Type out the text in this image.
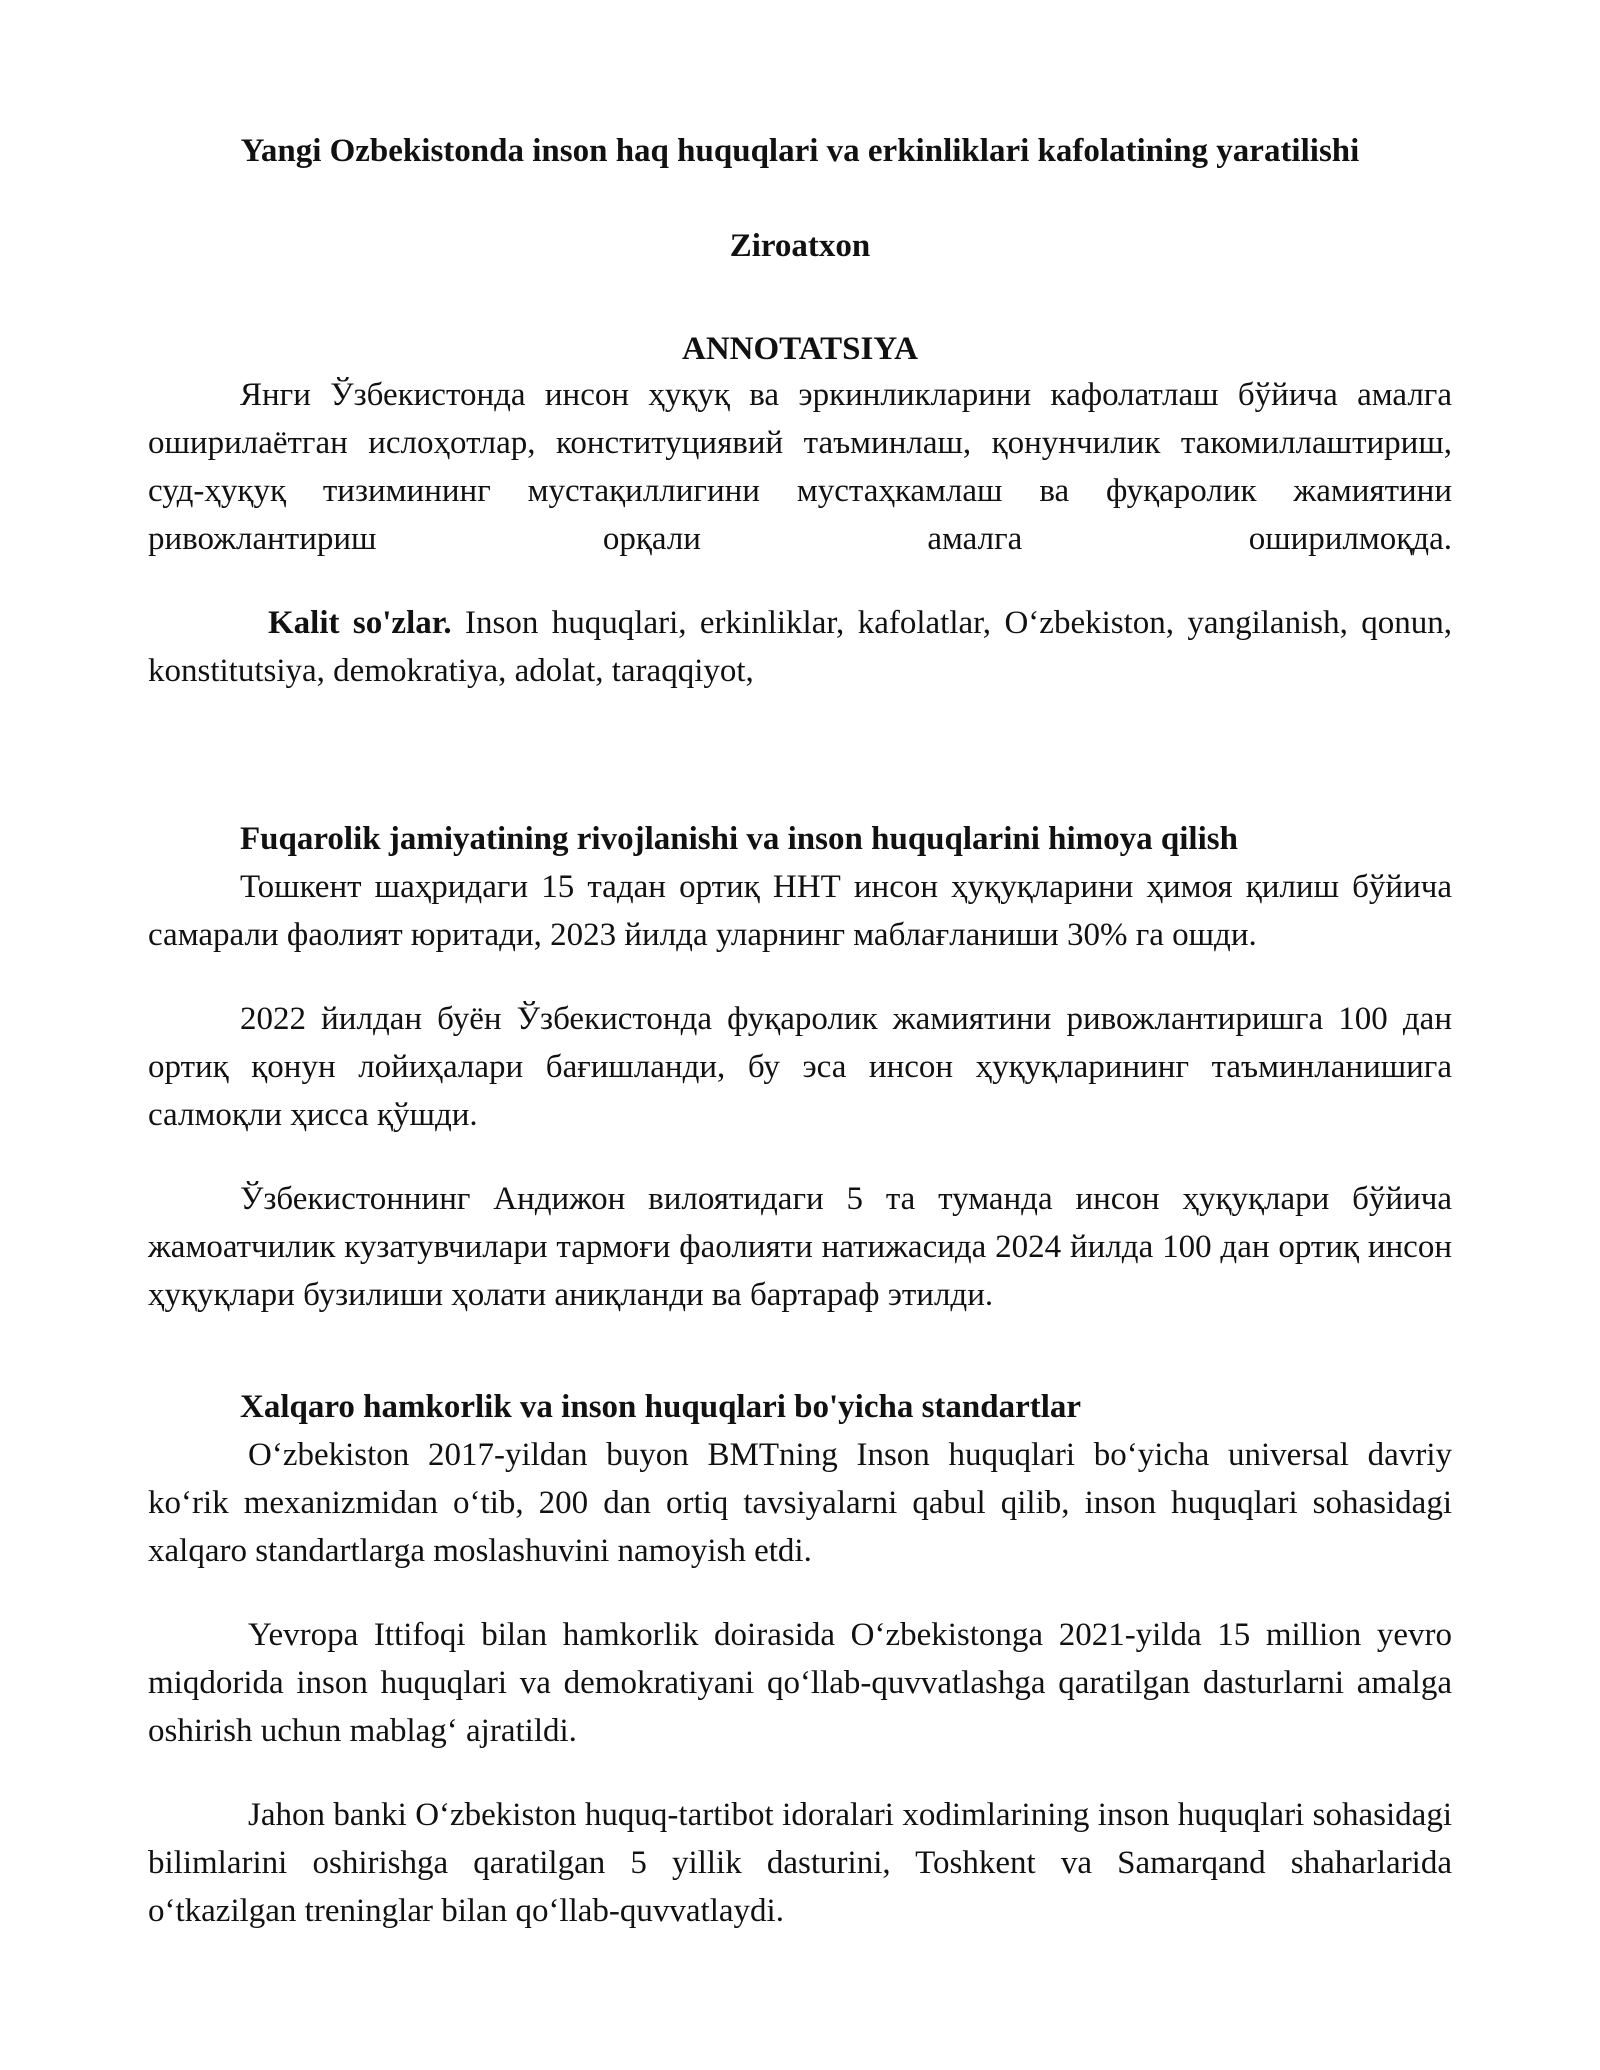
Yangi Ozbekistonda inson haq huquqlari va erkinliklari kafolatining yaratilishi
Ziroatxon
ANNOTATSIYA

Янги Ўзбекистонда инсон ҳуқуқ ва эркинликларини кафолатлаш бўйича амалга оширилаётган ислоҳотлар, конституциявий таъминлаш, қонунчилик такомиллаштириш, суд-ҳуқуқ тизимининг мустақиллигини мустаҳкамлаш ва фуқаролик жамиятини ривожлантириш орқали амалга оширилмоқда.

Kalit so'zlar. Inson huquqlari, erkinliklar, kafolatlar, O‘zbekiston, yangilanish, qonun, konstitutsiya, demokratiya, adolat, taraqqiyot,

Fuqarolik jamiyatining rivojlanishi va inson huquqlarini himoya qilish

Тошкент шаҳридаги 15 тадан ортиқ ННТ инсон ҳуқуқларини ҳимоя қилиш бўйича самарали фаолият юритади, 2023 йилда уларнинг маблағланиши 30% га ошди.

2022 йилдан буён Ўзбекистонда фуқаролик жамиятини ривожлантиришга 100 дан ортиқ қонун лойиҳалари бағишланди, бу эса инсон ҳуқуқларининг таъминланишига салмоқли ҳисса қўшди.

Ўзбекистоннинг Андижон вилоятидаги 5 та туманда инсон ҳуқуқлари бўйича жамоатчилик кузатувчилари тармоғи фаолияти натижасида 2024 йилда 100 дан ортиқ инсон ҳуқуқлари бузилиши ҳолати аниқланди ва бартараф этилди.

Xalqaro hamkorlik va inson huquqlari bo'yicha standartlar

O‘zbekiston 2017-yildan buyon BMTning Inson huquqlari bo‘yicha universal davriy ko‘rik mexanizmidan o‘tib, 200 dan ortiq tavsiyalarni qabul qilib, inson huquqlari sohasidagi xalqaro standartlarga moslashuvini namoyish etdi.

Yevropa Ittifoqi bilan hamkorlik doirasida O‘zbekistonga 2021-yilda 15 million yevro miqdorida inson huquqlari va demokratiyani qo‘llab-quvvatlashga qaratilgan dasturlarni amalga oshirish uchun mablag‘ ajratildi.

Jahon banki O‘zbekiston huquq-tartibot idoralari xodimlarining inson huquqlari sohasidagi bilimlarini oshirishga qaratilgan 5 yillik dasturini, Toshkent va Samarqand shaharlarida o‘tkazilgan treninglar bilan qo‘llab-quvvatlaydi.
